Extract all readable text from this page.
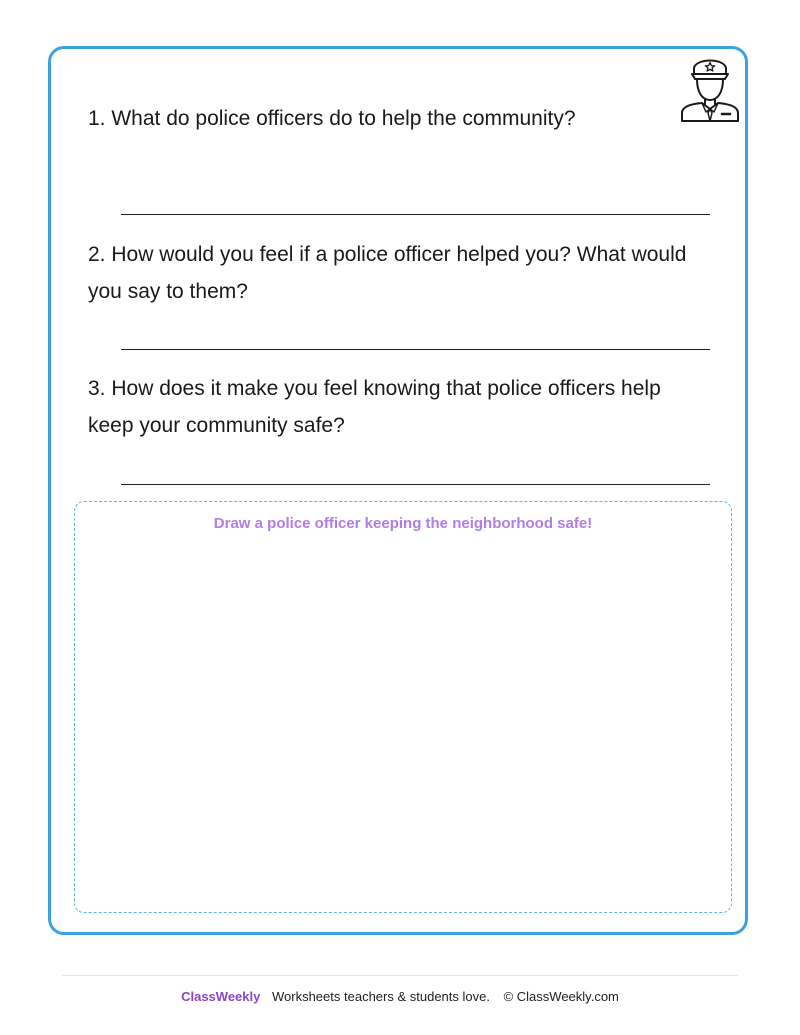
1. What do police officers do to help the community?

2. How would you feel if a police officer helped you? What would you say to them?

3. How does it make you feel knowing that police officers help keep your community safe?

Draw a police officer keeping the neighborhood safe!
ClassWeekly Worksheets teachers & students love. © ClassWeekly.com
